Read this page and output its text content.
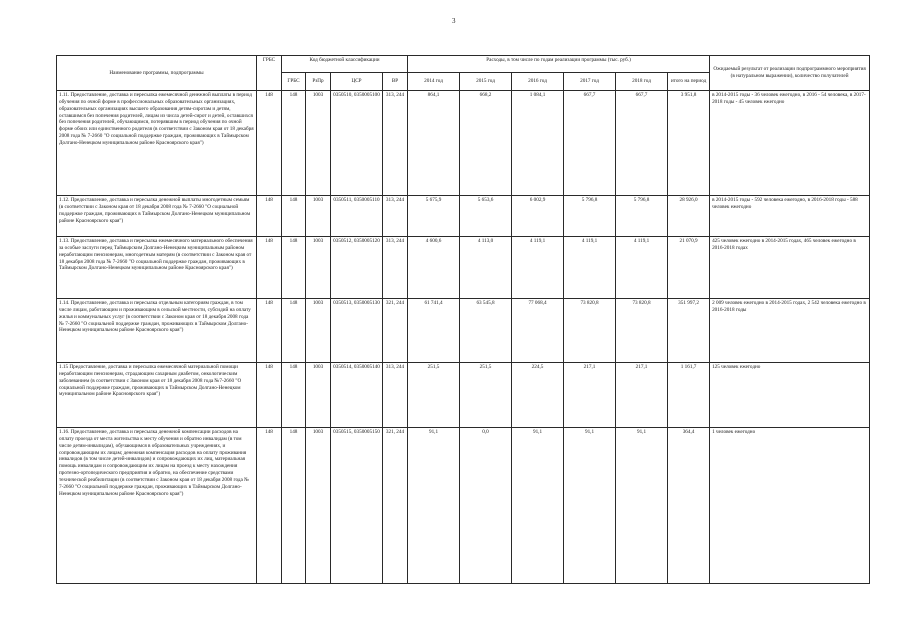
3
Наименование программы, подпрограммы	ГРБС	Код бюджетной классификации				Расходы, в том числе по годам реализации программы (тыс. руб.)						Ожидаемый результат от реализации подпрограммного мероприятия (в натуральном выражении), количество получателей
		ГРБС	РзПр	ЦСР	ВР	2014 год	2015 год	2016 год	2017 год	2018 год	итого на период	
1.11. Предоставление, доставка и пересылка ежемесячной денежной выплаты в период обучения по очной форме в профессиональных образовательных организациях, образовательных организациях высшего образования детям-сиротам и детям, оставшимся без попечения родителей, лицам из числа детей-сирот и детей, оставшихся без попечения родителей, обучающимся, потерявшим в период обучения по очной форме обоих или единственного родителя (в соответствии с Законом края от 18 декабря 2008 года № 7-2660 "О социальной поддержке граждан, проживающих в Таймырском Долгано-Ненецком муниципальном районе Красноярского края")	148	148	1003	0350510, 0350005100	313, 244	864,1	668,2	1 084,1	667,7	667,7	3 951,8	в 2014-2015 годы - 36 человек ежегодно, в 2016 - 54 человека, в 2017-2018 годы - 45 человек ежегодно
1.12. Предоставление, доставка и пересылка денежной выплаты многодетным семьям (в соответствии с Законом края от 18 декабря 2008 года № 7-2660 "О социальной поддержке граждан, проживающих в Таймырском Долгано-Ненецком муниципальном районе Красноярского края")	148	148	1003	0350511, 0350005110	313, 244	5 675,9	5 653,6	6 002,9	5 796,8	5 796,8	28 926,0	в 2014-2015 годы - 592 человека ежегодно, в 2016-2018 годы - 588 человек ежегодно
1.13. Предоставление, доставка и пересылка ежемесячного материального обеспечения за особые заслуги перед Таймырским Долгано-Ненецким муниципальным районом неработающим пенсионерам, многодетным матерям (в соответствии с Законом края от 18 декабря 2008 года № 7-2660 "О социальной поддержке граждан, проживающих в Таймырском Долгано-Ненецком муниципальном районе Красноярского края")	148	148	1003	0350512, 0350005120	313, 244	4 600,6	4 113,0	4 119,1	4 119,1	4 119,1	21 070,9	425 человек ежегодно в 2014-2015 годах, 465 человек ежегодно в 2016-2018 годах
1.14. Предоставление, доставка и пересылка отдельным категориям граждан, в том числе лицам, работающим и проживающим в сельской местности, субсидий на оплату жилья и коммунальных услуг (в соответствии с Законом края от 18 декабря 2008 года № 7-2660 "О социальной поддержке граждан, проживающих в Таймырском Долгано-Ненецком муниципальном районе Красноярского края")	148	148	1003	0350513, 0350005130	321, 244	61 741,4	63 545,8	77 068,4	73 820,8	73 820,8	351 997,2	2 009 человек ежегодно в 2014-2015 годах, 2 542 человека ежегодно в 2016-2018 годы
1.15 Предоставление, доставка и пересылка ежемесячной материальной помощи неработающим пенсионерам, страдающим сахарным диабетом, онкологическим заболеванием (в соответствии с Законом края от 18 декабря 2008 года №7-2660 "О социальной поддержке граждан, проживающих в Таймырском Долгано-Ненецком муниципальном районе Красноярского края")	148	148	1003	0350514, 0350005140	313, 244	251,5	251,5	224,5	217,1	217,1	1 161,7	125 человек ежегодно
1.16. Предоставление, доставка и пересылка денежной компенсации расходов на оплату проезда от места жительства к месту обучения и обратно инвалидам (в том числе детям-инвалидам), обучающимся в образовательных учреждениях, и сопровождающим их лицам; денежная компенсация расходов на оплату проживания инвалидов (в том числе детей-инвалидов) и сопровождающих их лиц, материальная помощь инвалидам и сопровождающим их лицам на проезд к месту нахождения протезно-ортопедического предприятия и обратно, на обеспечение средствами технической реабилитации (в соответствии с Законом края от 18 декабря 2008 года № 7-2660 "О социальной поддержке граждан, проживающих в Таймырском Долгано-Ненецком муниципальном районе Красноярского края")	148	148	1003	0350515, 0350005150	321, 244	91,1	0,0	91,1	91,1	91,1	364,4	1 человек ежегодно
